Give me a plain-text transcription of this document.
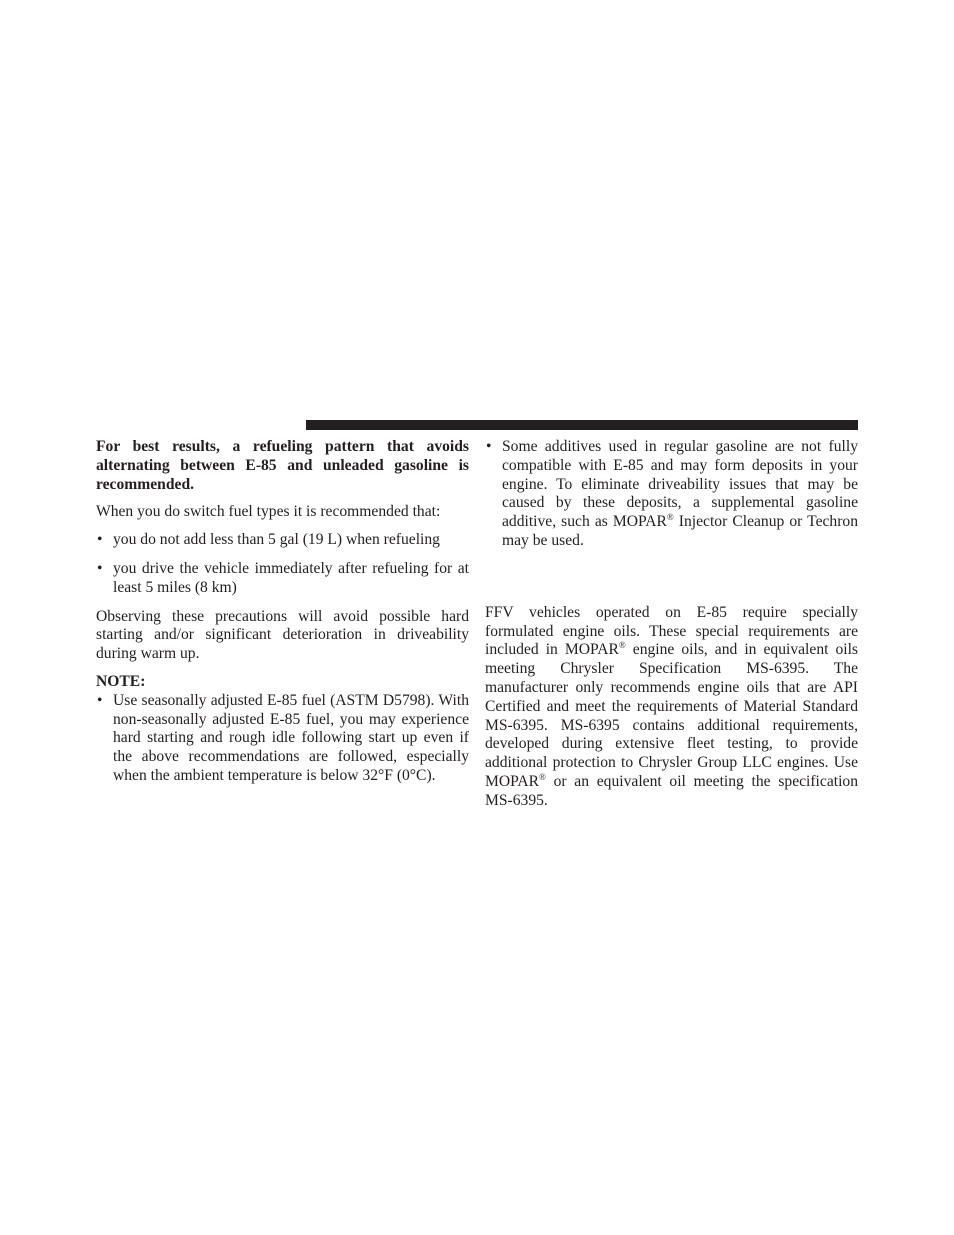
For best results, a refueling pattern that avoids alternating between E-85 and unleaded gasoline is recommended.

When you do switch fuel types it is recommended that:

• you do not add less than 5 gal (19 L) when refueling
• you drive the vehicle immediately after refueling for at least 5 miles (8 km)

Observing these precautions will avoid possible hard starting and/or significant deterioration in driveability during warm up.

NOTE:

• Use seasonally adjusted E-85 fuel (ASTM D5798). With non-seasonally adjusted E-85 fuel, you may experience hard starting and rough idle following start up even if the above recommendations are followed, especially when the ambient temperature is below 32°F (0°C).
• Some additives used in regular gasoline are not fully compatible with E-85 and may form deposits in your engine. To eliminate driveability issues that may be caused by these deposits, a supplemental gasoline additive, such as MOPAR® Injector Cleanup or Techron may be used.

FFV vehicles operated on E-85 require specially formulated engine oils. These special requirements are included in MOPAR® engine oils, and in equivalent oils meeting Chrysler Specification MS-6395. The manufacturer only recommends engine oils that are API Certified and meet the requirements of Material Standard MS-6395. MS-6395 contains additional requirements, developed during extensive fleet testing, to provide additional protection to Chrysler Group LLC engines. Use MOPAR® or an equivalent oil meeting the specification MS-6395.
